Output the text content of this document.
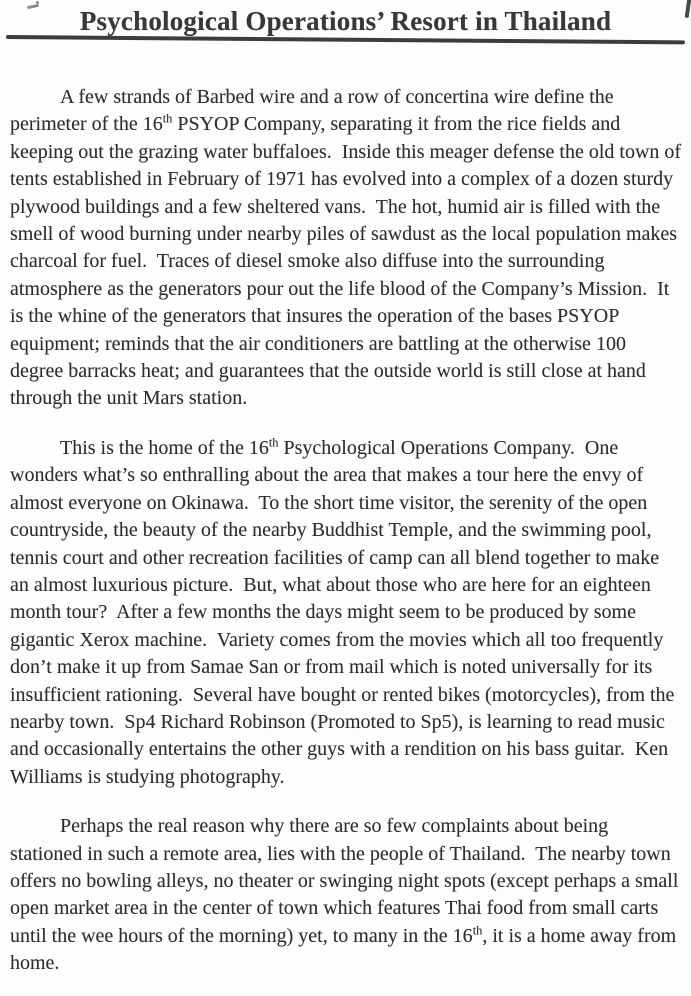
Psychological Operations’ Resort in Thailand

A few strands of Barbed wire and a row of concertina wire define the perimeter of the 16th PSYOP Company, separating it from the rice fields and keeping out the grazing water buffaloes.  Inside this meager defense the old town of tents established in February of 1971 has evolved into a complex of a dozen sturdy plywood buildings and a few sheltered vans.  The hot, humid air is filled with the smell of wood burning under nearby piles of sawdust as the local population makes charcoal for fuel.  Traces of diesel smoke also diffuse into the surrounding atmosphere as the generators pour out the life blood of the Company’s Mission.  It is the whine of the generators that insures the operation of the bases PSYOP equipment; reminds that the air conditioners are battling at the otherwise 100 degree barracks heat; and guarantees that the outside world is still close at hand through the unit Mars station.

This is the home of the 16th Psychological Operations Company.  One wonders what’s so enthralling about the area that makes a tour here the envy of almost everyone on Okinawa.  To the short time visitor, the serenity of the open countryside, the beauty of the nearby Buddhist Temple, and the swimming pool, tennis court and other recreation facilities of camp can all blend together to make an almost luxurious picture.  But, what about those who are here for an eighteen month tour?  After a few months the days might seem to be produced by some gigantic Xerox machine.  Variety comes from the movies which all too frequently don’t make it up from Samae San or from mail which is noted universally for its insufficient rationing.  Several have bought or rented bikes (motorcycles), from the nearby town.  Sp4 Richard Robinson (Promoted to Sp5), is learning to read music and occasionally entertains the other guys with a rendition on his bass guitar.  Ken Williams is studying photography.

Perhaps the real reason why there are so few complaints about being stationed in such a remote area, lies with the people of Thailand.  The nearby town offers no bowling alleys, no theater or swinging night spots (except perhaps a small open market area in the center of town which features Thai food from small carts until the wee hours of the morning) yet, to many in the 16th, it is a home away from home.
